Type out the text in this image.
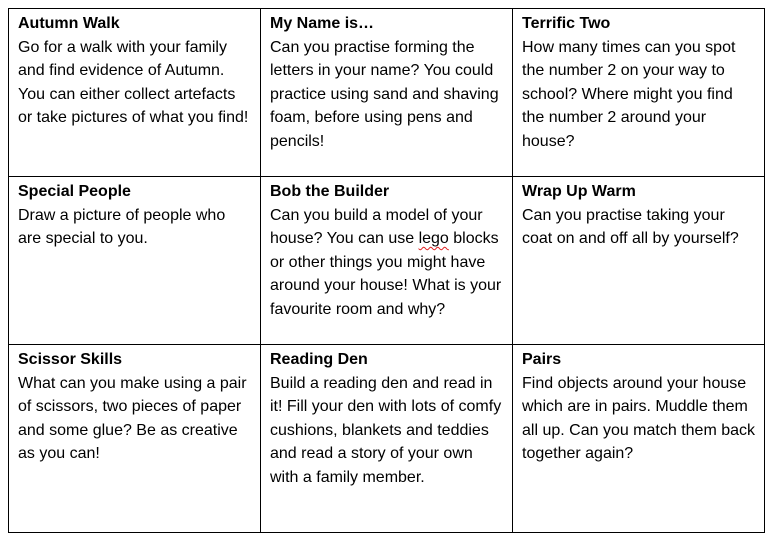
Autumn Walk
Go for a walk with your family and find evidence of Autumn. You can either collect artefacts or take pictures of what you find!	My Name is…
Can you practise forming the letters in your name? You could practice using sand and shaving foam, before using pens and pencils!	Terrific Two
How many times can you spot the number 2 on your way to school? Where might you find the number 2 around your house?

Special People
Draw a picture of people who are special to you.	Bob the Builder
Can you build a model of your house? You can use lego blocks or other things you might have around your house! What is your favourite room and why?	Wrap Up Warm
Can you practise taking your coat on and off all by yourself?

Scissor Skills
What can you make using a pair of scissors, two pieces of paper and some glue? Be as creative as you can!	Reading Den
Build a reading den and read in it! Fill your den with lots of comfy cushions, blankets and teddies and read a story of your own with a family member.	Pairs
Find objects around your house which are in pairs. Muddle them all up. Can you match them back together again?
